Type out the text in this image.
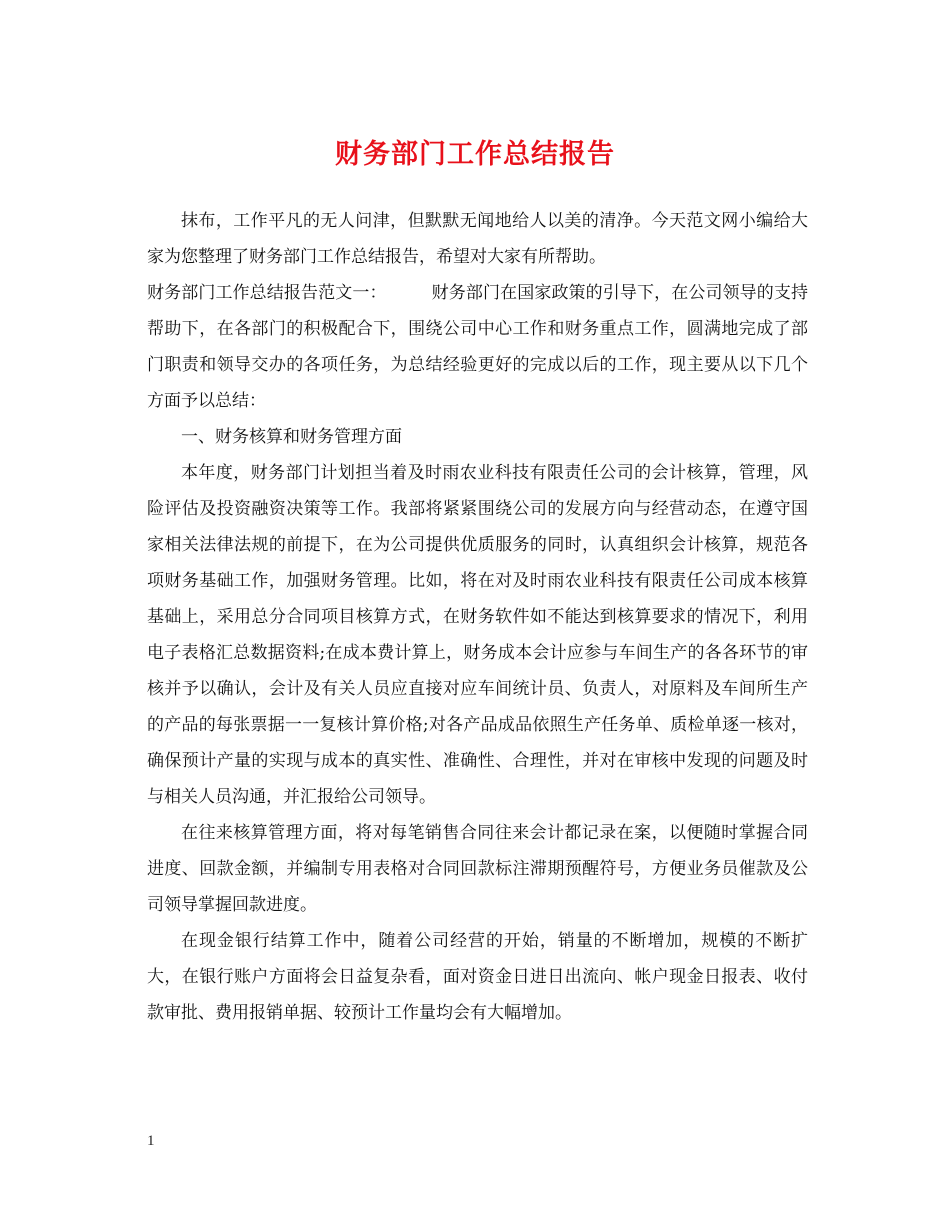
财务部门工作总结报告

抹布，工作平凡的无人问津，但默默无闻地给人以美的清净。今天范文网小编给大家为您整理了财务部门工作总结报告，希望对大家有所帮助。

财务部门工作总结报告范文一：	财务部门在国家政策的引导下，在公司领导的支持帮助下，在各部门的积极配合下，围绕公司中心工作和财务重点工作，圆满地完成了部门职责和领导交办的各项任务，为总结经验更好的完成以后的工作，现主要从以下几个方面予以总结：

一、财务核算和财务管理方面

本年度，财务部门计划担当着及时雨农业科技有限责任公司的会计核算，管理，风险评估及投资融资决策等工作。我部将紧紧围绕公司的发展方向与经营动态，在遵守国家相关法律法规的前提下，在为公司提供优质服务的同时，认真组织会计核算，规范各项财务基础工作，加强财务管理。比如，将在对及时雨农业科技有限责任公司成本核算基础上，采用总分合同项目核算方式，在财务软件如不能达到核算要求的情况下，利用电子表格汇总数据资料;在成本费计算上，财务成本会计应参与车间生产的各各环节的审核并予以确认，会计及有关人员应直接对应车间统计员、负责人，对原料及车间所生产的产品的每张票据一一复核计算价格;对各产品成品依照生产任务单、质检单逐一核对，确保预计产量的实现与成本的真实性、准确性、合理性，并对在审核中发现的问题及时与相关人员沟通，并汇报给公司领导。

在往来核算管理方面，将对每笔销售合同往来会计都记录在案，以便随时掌握合同进度、回款金额，并编制专用表格对合同回款标注滞期预醒符号，方便业务员催款及公司领导掌握回款进度。

在现金银行结算工作中，随着公司经营的开始，销量的不断增加，规模的不断扩大，在银行账户方面将会日益复杂看，面对资金日进日出流向、帐户现金日报表、收付款审批、费用报销单据、较预计工作量均会有大幅增加。

1
